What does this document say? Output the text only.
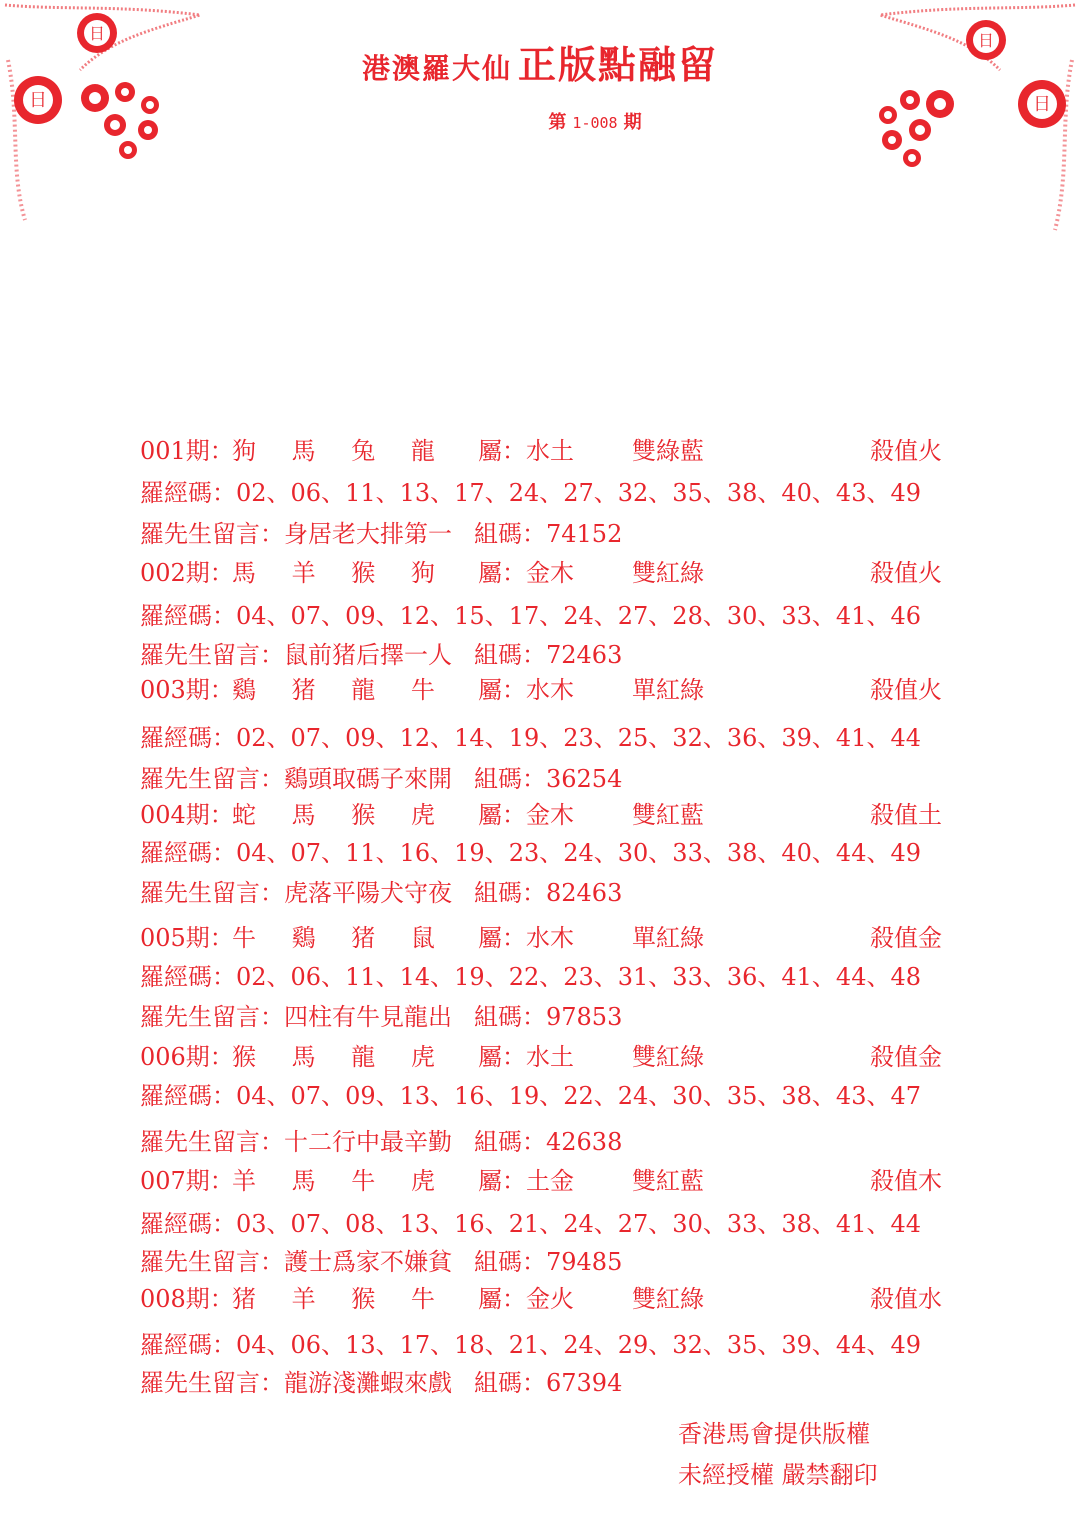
日
日
日
日
港澳羅大仙 正版點融留
第 1-008 期
001期：
狗 馬 兔 龍 屬：水土 雙綠藍	殺值火
羅經碼：02、06、11、13、17、24、27、32、35、38、40、43、49
羅先生留言：身居老大排第一 組碼：74152
002期：
馬 羊 猴 狗 屬：金木 雙紅綠	殺值火
羅經碼：04、07、09、12、15、17、24、27、28、30、33、41、46
羅先生留言：鼠前猪后擇一人 組碼：72463
003期：
鷄 猪 龍 牛 屬：水木 單紅綠	殺值火
羅經碼：02、07、09、12、14、19、23、25、32、36、39、41、44
羅先生留言：鷄頭取碼子來開 組碼：36254
004期：
蛇 馬 猴 虎 屬：金木 雙紅藍	殺值土
羅經碼：04、07、11、16、19、23、24、30、33、38、40、44、49
羅先生留言：虎落平陽犬守夜 組碼：82463
005期：
牛 鷄 猪 鼠 屬：水木 單紅綠	殺值金
羅經碼：02、06、11、14、19、22、23、31、33、36、41、44、48
羅先生留言：四柱有牛見龍出 組碼：97853
006期：
猴 馬 龍 虎 屬：水土 雙紅綠	殺值金
羅經碼：04、07、09、13、16、19、22、24、30、35、38、43、47
羅先生留言：十二行中最辛勤 組碼：42638
007期：
羊 馬 牛 虎 屬：土金 雙紅藍	殺值木
羅經碼：03、07、08、13、16、21、24、27、30、33、38、41、44
羅先生留言：護士爲家不嫌貧 組碼：79485
008期：
猪 羊 猴 牛 屬：金火 雙紅綠	殺值水
羅經碼：04、06、13、17、18、21、24、29、32、35、39、44、49
羅先生留言：龍游淺灘蝦來戲 組碼：67394
香港馬會提供版權
未經授權 嚴禁翻印
